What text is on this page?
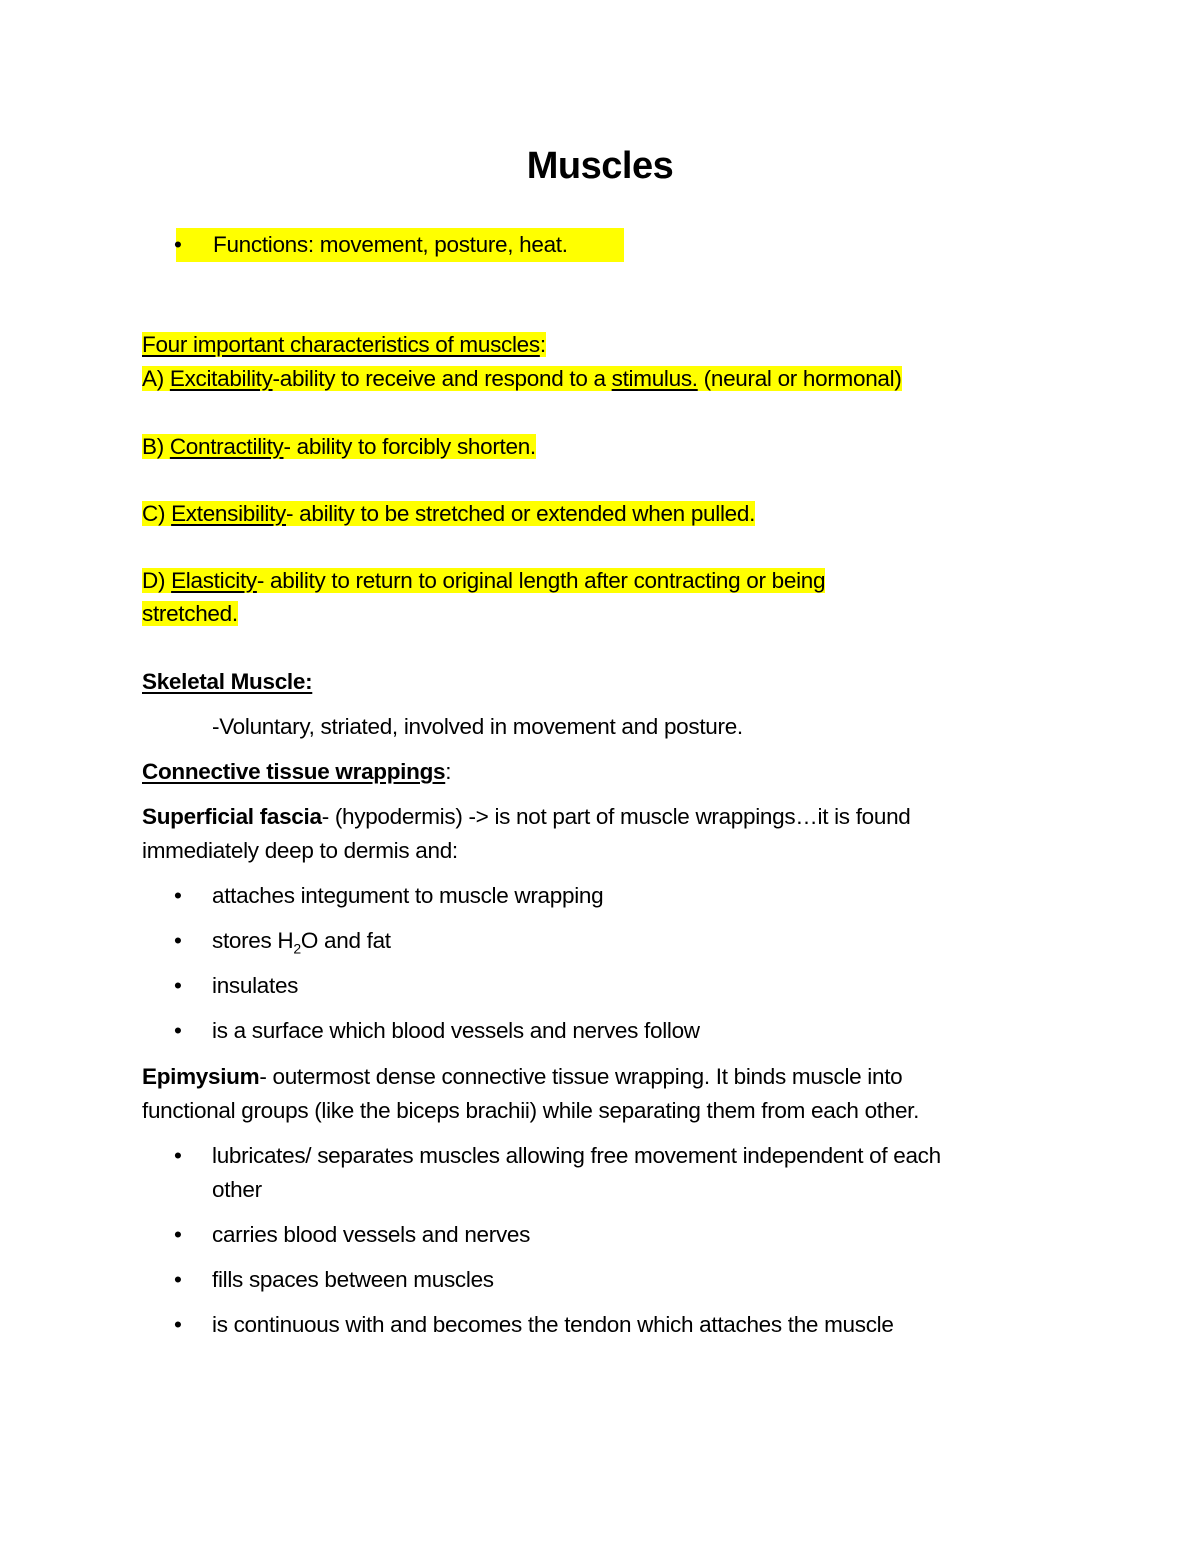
Muscles
• Functions: movement, posture, heat.
Four important characteristics of muscles:
A) Excitability-ability to receive and respond to a stimulus. (neural or hormonal)
B) Contractility- ability to forcibly shorten.
C) Extensibility- ability to be stretched or extended when pulled.
D) Elasticity- ability to return to original length after contracting or being
stretched.
Skeletal Muscle:
-Voluntary, striated, involved in movement and posture.
Connective tissue wrappings:
Superficial fascia- (hypodermis) -> is not part of muscle wrappings…it is found
immediately deep to dermis and:
• attaches integument to muscle wrapping
• stores $H_2O$ and fat
• insulates
• is a surface which blood vessels and nerves follow
Epimysium- outermost dense connective tissue wrapping. It binds muscle into
functional groups (like the biceps brachii) while separating them from each other.
• lubricates/ separates muscles allowing free movement independent of each
other
• carries blood vessels and nerves
• fills spaces between muscles
• is continuous with and becomes the tendon which attaches the muscle
